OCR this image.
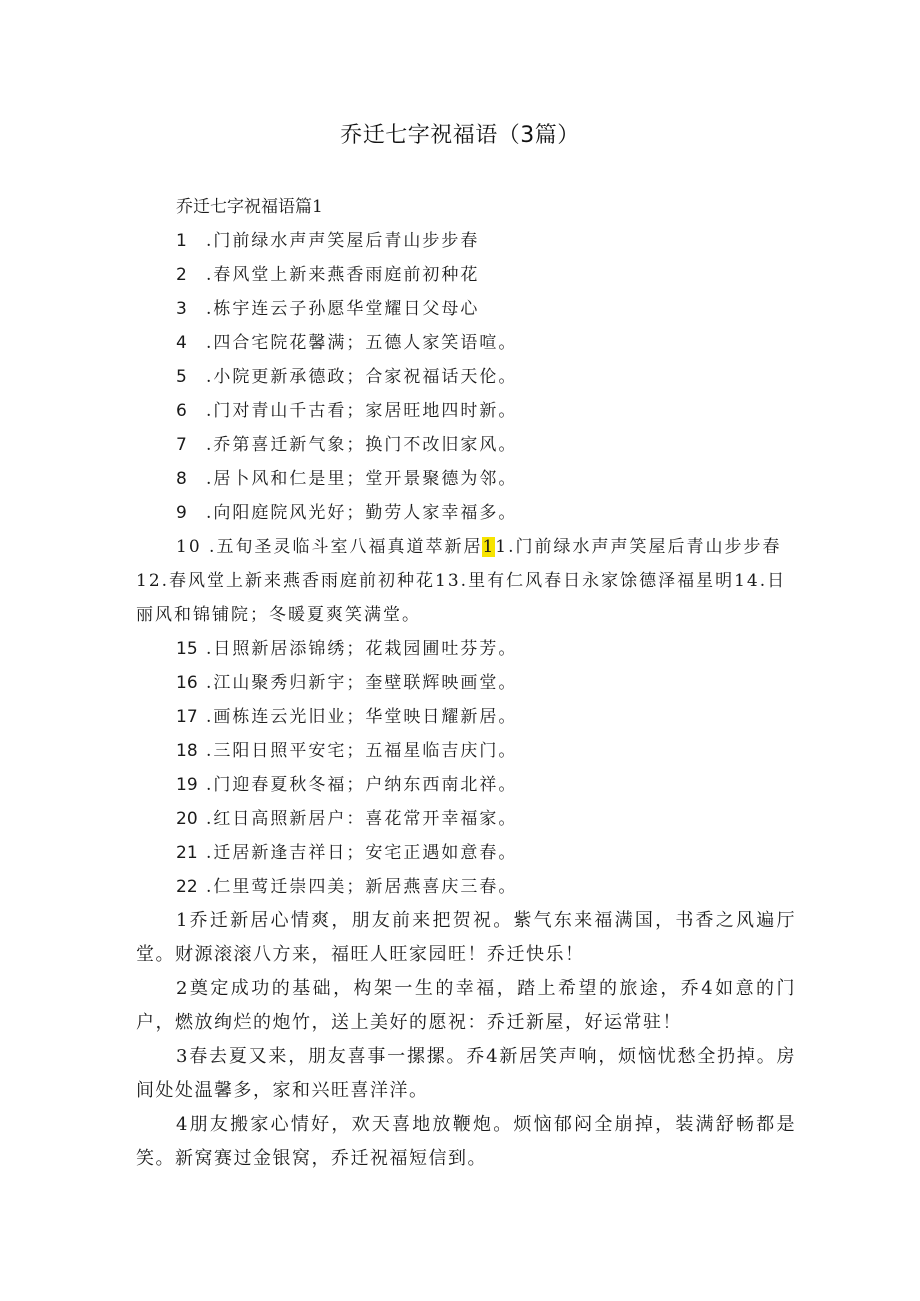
乔迁七字祝福语（3篇）
乔迁七字祝福语篇1
1 .门前绿水声声笑屋后青山步步春
2 .春风堂上新来燕香雨庭前初种花
3 .栋宇连云子孙愿华堂耀日父母心
4 .四合宅院花馨满；五德人家笑语喧。
5 .小院更新承德政；合家祝福话天伦。
6 .门对青山千古看；家居旺地四时新。
7 .乔第喜迁新气象；换门不改旧家风。
8 .居卜风和仁是里；堂开景聚德为邻。
9 .向阳庭院风光好；勤劳人家幸福多。
10 .五旬圣灵临斗室八福真道萃新居11.门前绿水声声笑屋后青山步步春12.春风堂上新来燕香雨庭前初种花13.里有仁风春日永家馀德泽福星明14.日丽风和锦铺院；冬暖夏爽笑满堂。
15 .日照新居添锦绣；花栽园圃吐芬芳。
16 .江山聚秀归新宇；奎壁联辉映画堂。
17 .画栋连云光旧业；华堂映日耀新居。
18 .三阳日照平安宅；五福星临吉庆门。
19 .门迎春夏秋冬福；户纳东西南北祥。
20 .红日高照新居户：喜花常开幸福家。
21 .迁居新逢吉祥日；安宅正遇如意春。
22 .仁里莺迁崇四美；新居燕喜庆三春。

1乔迁新居心情爽，朋友前来把贺祝。紫气东来福满国，书香之风遍厅堂。财源滚滚八方来，福旺人旺家园旺！乔迁快乐！

2奠定成功的基础，构架一生的幸福，踏上希望的旅途，乔4如意的门户，燃放绚烂的炮竹，送上美好的愿祝：乔迁新屋，好运常驻！

3春去夏又来，朋友喜事一摞摞。乔4新居笑声响，烦恼忧愁全扔掉。房间处处温馨多，家和兴旺喜洋洋。

4朋友搬家心情好，欢天喜地放鞭炮。烦恼郁闷全崩掉，装满舒畅都是笑。新窝赛过金银窝，乔迁祝福短信到。
